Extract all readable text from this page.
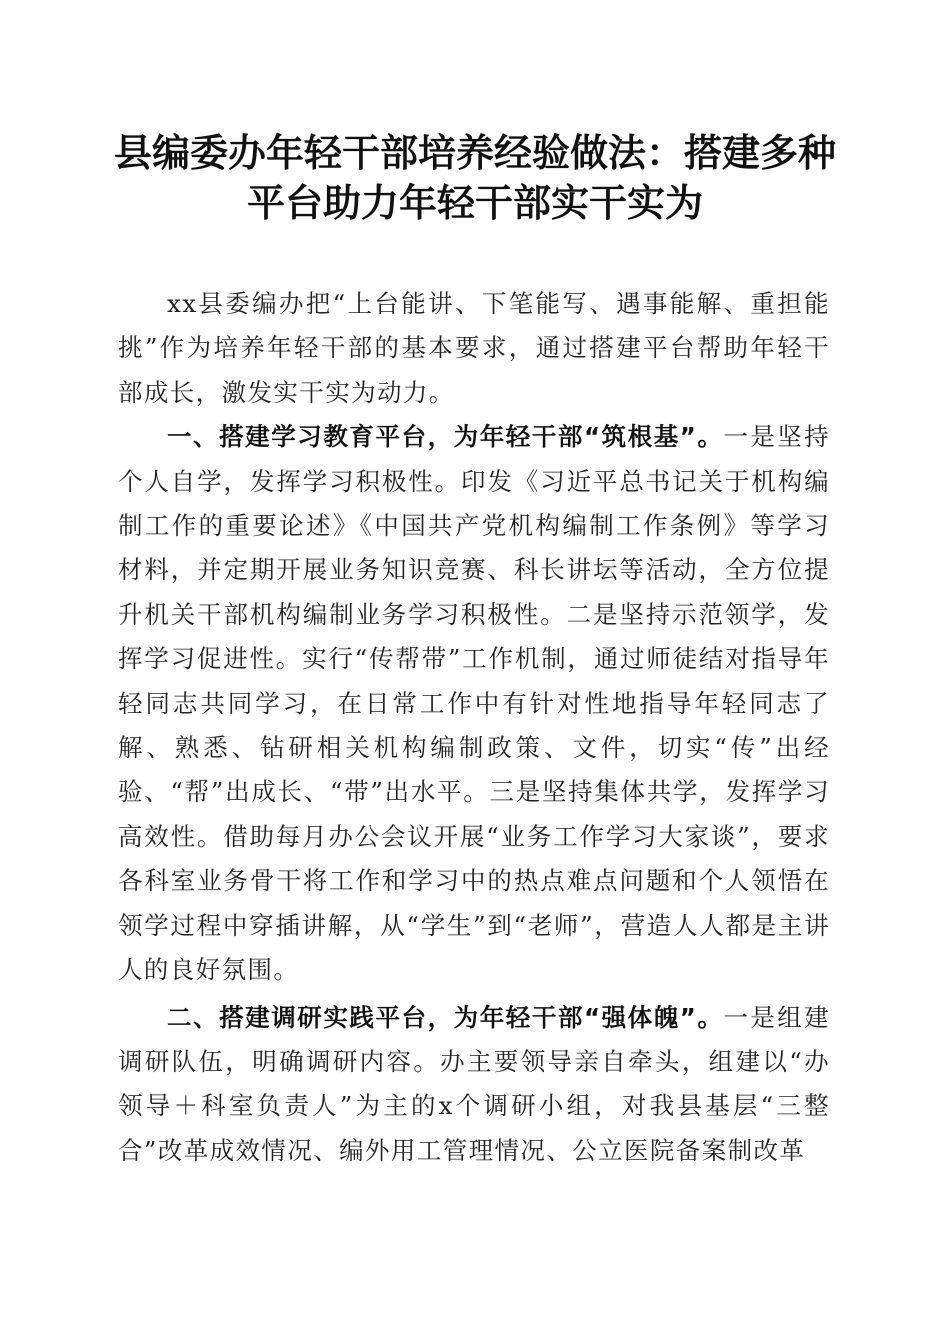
县编委办年轻干部培养经验做法：搭建多种平台助力年轻干部实干实为

xx县委编办把“上台能讲、下笔能写、遇事能解、重担能挑”作为培养年轻干部的基本要求，通过搭建平台帮助年轻干部成长，激发实干实为动力。

一、搭建学习教育平台，为年轻干部“筑根基”。一是坚持个人自学，发挥学习积极性。印发《习近平总书记关于机构编制工作的重要论述》《中国共产党机构编制工作条例》等学习材料，并定期开展业务知识竞赛、科长讲坛等活动，全方位提升机关干部机构编制业务学习积极性。二是坚持示范领学，发挥学习促进性。实行“传帮带”工作机制，通过师徒结对指导年轻同志共同学习，在日常工作中有针对性地指导年轻同志了解、熟悉、钻研相关机构编制政策、文件，切实“传”出经验、“帮”出成长、“带”出水平。三是坚持集体共学，发挥学习高效性。借助每月办公会议开展“业务工作学习大家谈”，要求各科室业务骨干将工作和学习中的热点难点问题和个人领悟在领学过程中穿插讲解，从“学生”到“老师”，营造人人都是主讲人的良好氛围。

二、搭建调研实践平台，为年轻干部“强体魄”。一是组建调研队伍，明确调研内容。办主要领导亲自牵头，组建以“办领导＋科室负责人”为主的x个调研小组，对我县基层“三整合”改革成效情况、编外用工管理情况、公立医院备案制改革
